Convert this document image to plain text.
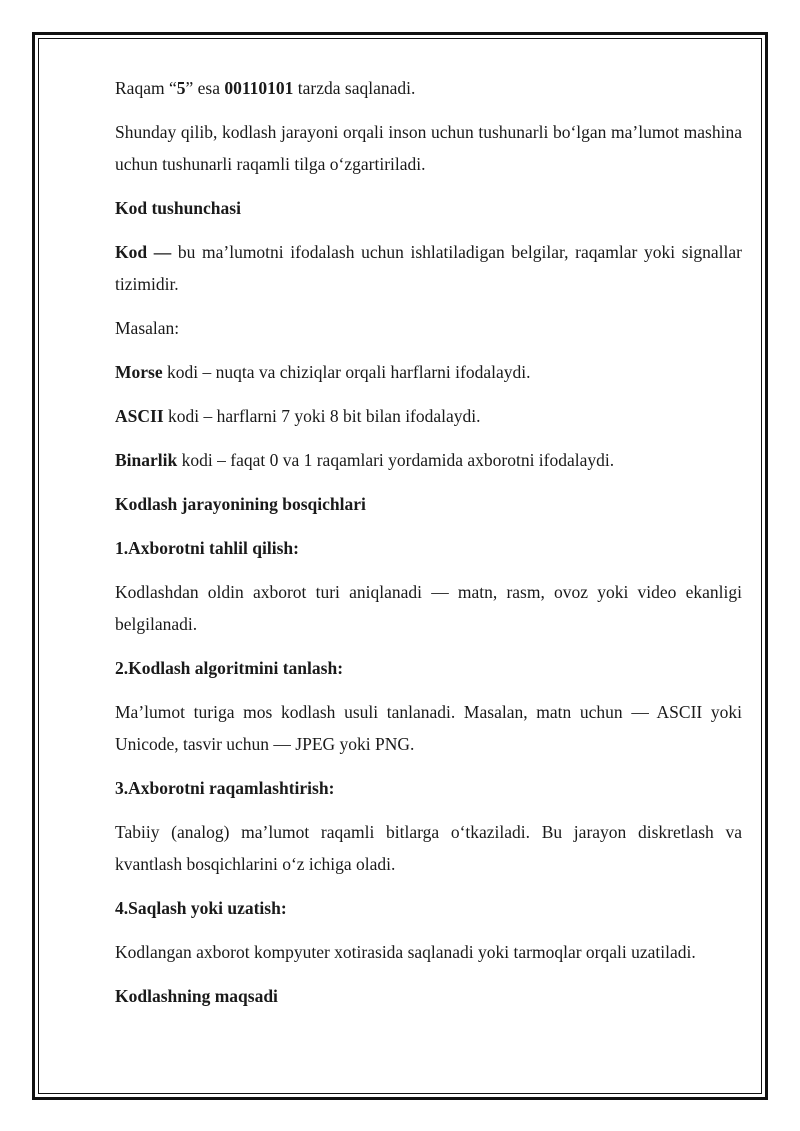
Raqam “5” esa 00110101 tarzda saqlanadi.

Shunday qilib, kodlash jarayoni orqali inson uchun tushunarli bo‘lgan ma’lumot mashina uchun tushunarli raqamli tilga o‘zgartiriladi.

Kod tushunchasi

Kod — bu ma’lumotni ifodalash uchun ishlatiladigan belgilar, raqamlar yoki signallar tizimidir.

Masalan:

Morse kodi – nuqta va chiziqlar orqali harflarni ifodalaydi.

ASCII kodi – harflarni 7 yoki 8 bit bilan ifodalaydi.

Binarlik kodi – faqat 0 va 1 raqamlari yordamida axborotni ifodalaydi.

Kodlash jarayonining bosqichlari

1.Axborotni tahlil qilish:

Kodlashdan oldin axborot turi aniqlanadi — matn, rasm, ovoz yoki video ekanligi belgilanadi.

2.Kodlash algoritmini tanlash:

Ma’lumot turiga mos kodlash usuli tanlanadi. Masalan, matn uchun — ASCII yoki Unicode, tasvir uchun — JPEG yoki PNG.

3.Axborotni raqamlashtirish:

Tabiiy (analog) ma’lumot raqamli bitlarga o‘tkaziladi. Bu jarayon diskretlash va kvantlash bosqichlarini o‘z ichiga oladi.

4.Saqlash yoki uzatish:

Kodlangan axborot kompyuter xotirasida saqlanadi yoki tarmoqlar orqali uzatiladi.

Kodlashning maqsadi
